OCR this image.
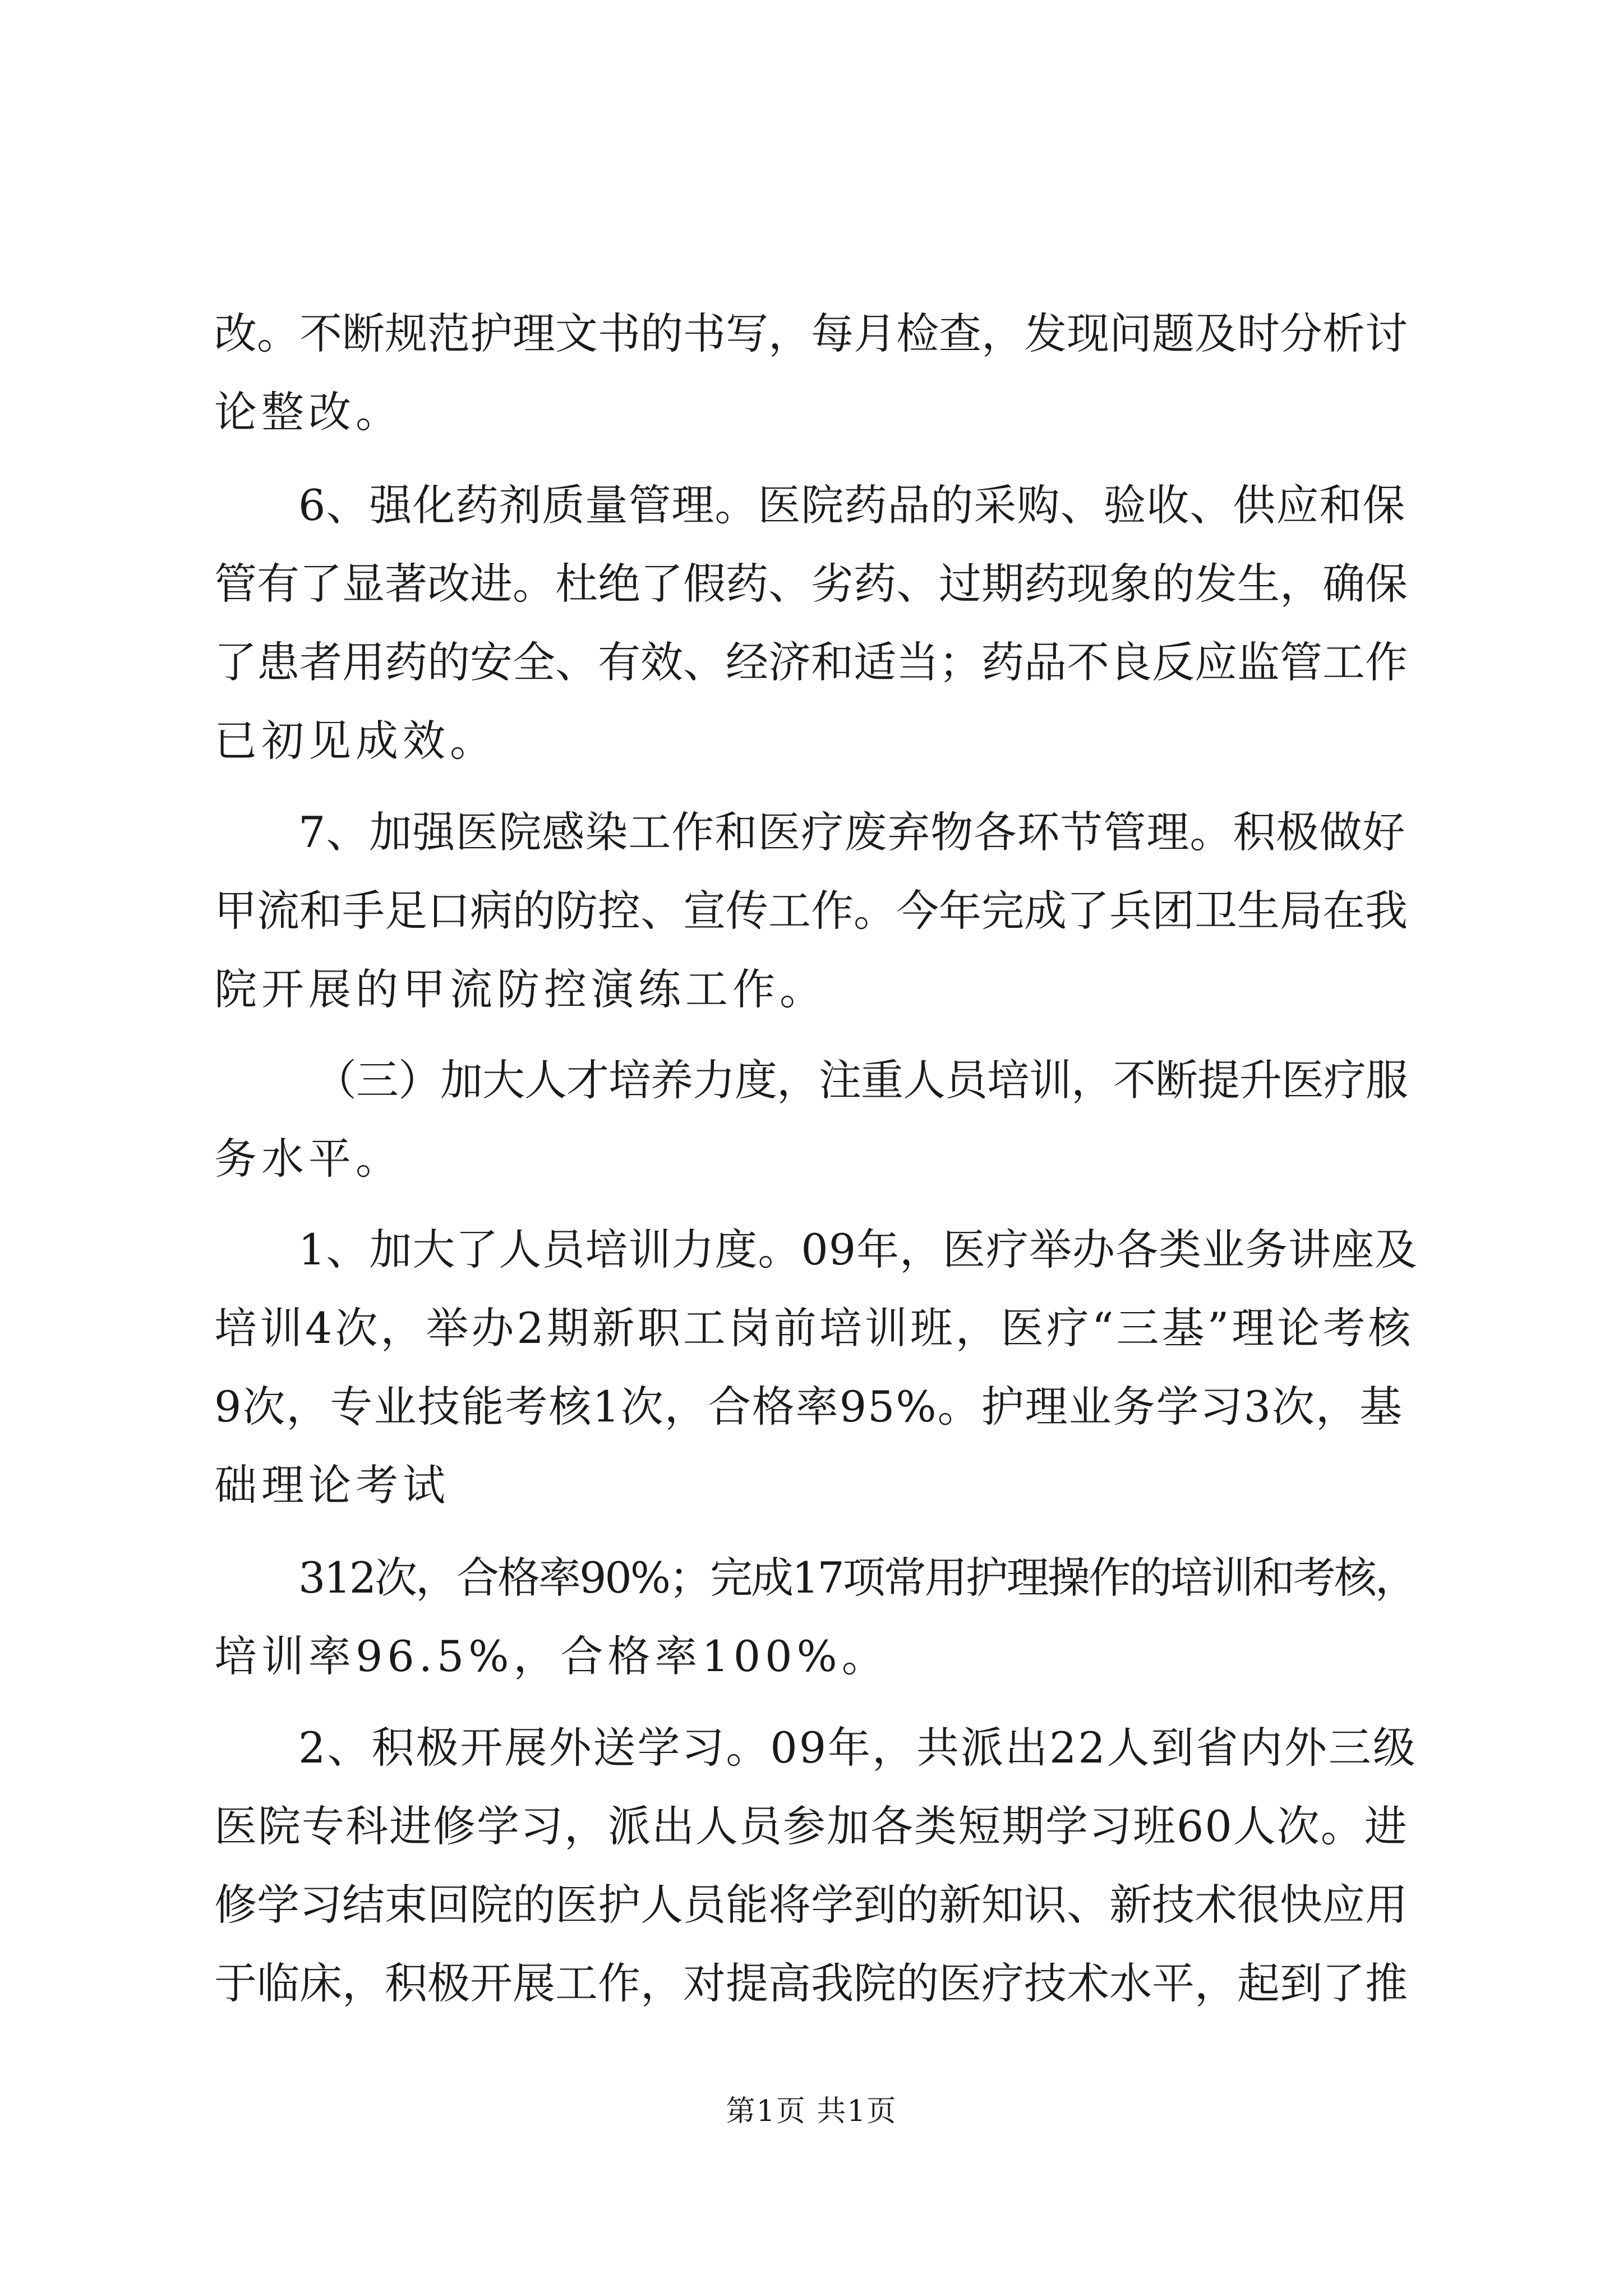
改。不断规范护理文书的书写，每月检查，发现问题及时分析讨
论整改。
6、强化药剂质量管理。医院药品的采购、验收、供应和保
管有了显著改进。杜绝了假药、劣药、过期药现象的发生，确保
了患者用药的安全、有效、经济和适当；药品不良反应监管工作
已初见成效。
7、加强医院感染工作和医疗废弃物各环节管理。积极做好
甲流和手足口病的防控、宣传工作。今年完成了兵团卫生局在我
院开展的甲流防控演练工作。
（三）加大人才培养力度，注重人员培训，不断提升医疗服
务水平。
1、加大了人员培训力度。09年，医疗举办各类业务讲座及
培训4次，举办2期新职工岗前培训班，医疗“三基”理论考核
9次，专业技能考核1次，合格率95%。护理业务学习3次，基
础理论考试
312次，合格率90%；完成17项常用护理操作的培训和考核，
培训率96.5%，合格率100%。
2、积极开展外送学习。09年，共派出22人到省内外三级
医院专科进修学习，派出人员参加各类短期学习班60人次。进
修学习结束回院的医护人员能将学到的新知识、新技术很快应用
于临床，积极开展工作，对提高我院的医疗技术水平，起到了推
第1页 共1页
